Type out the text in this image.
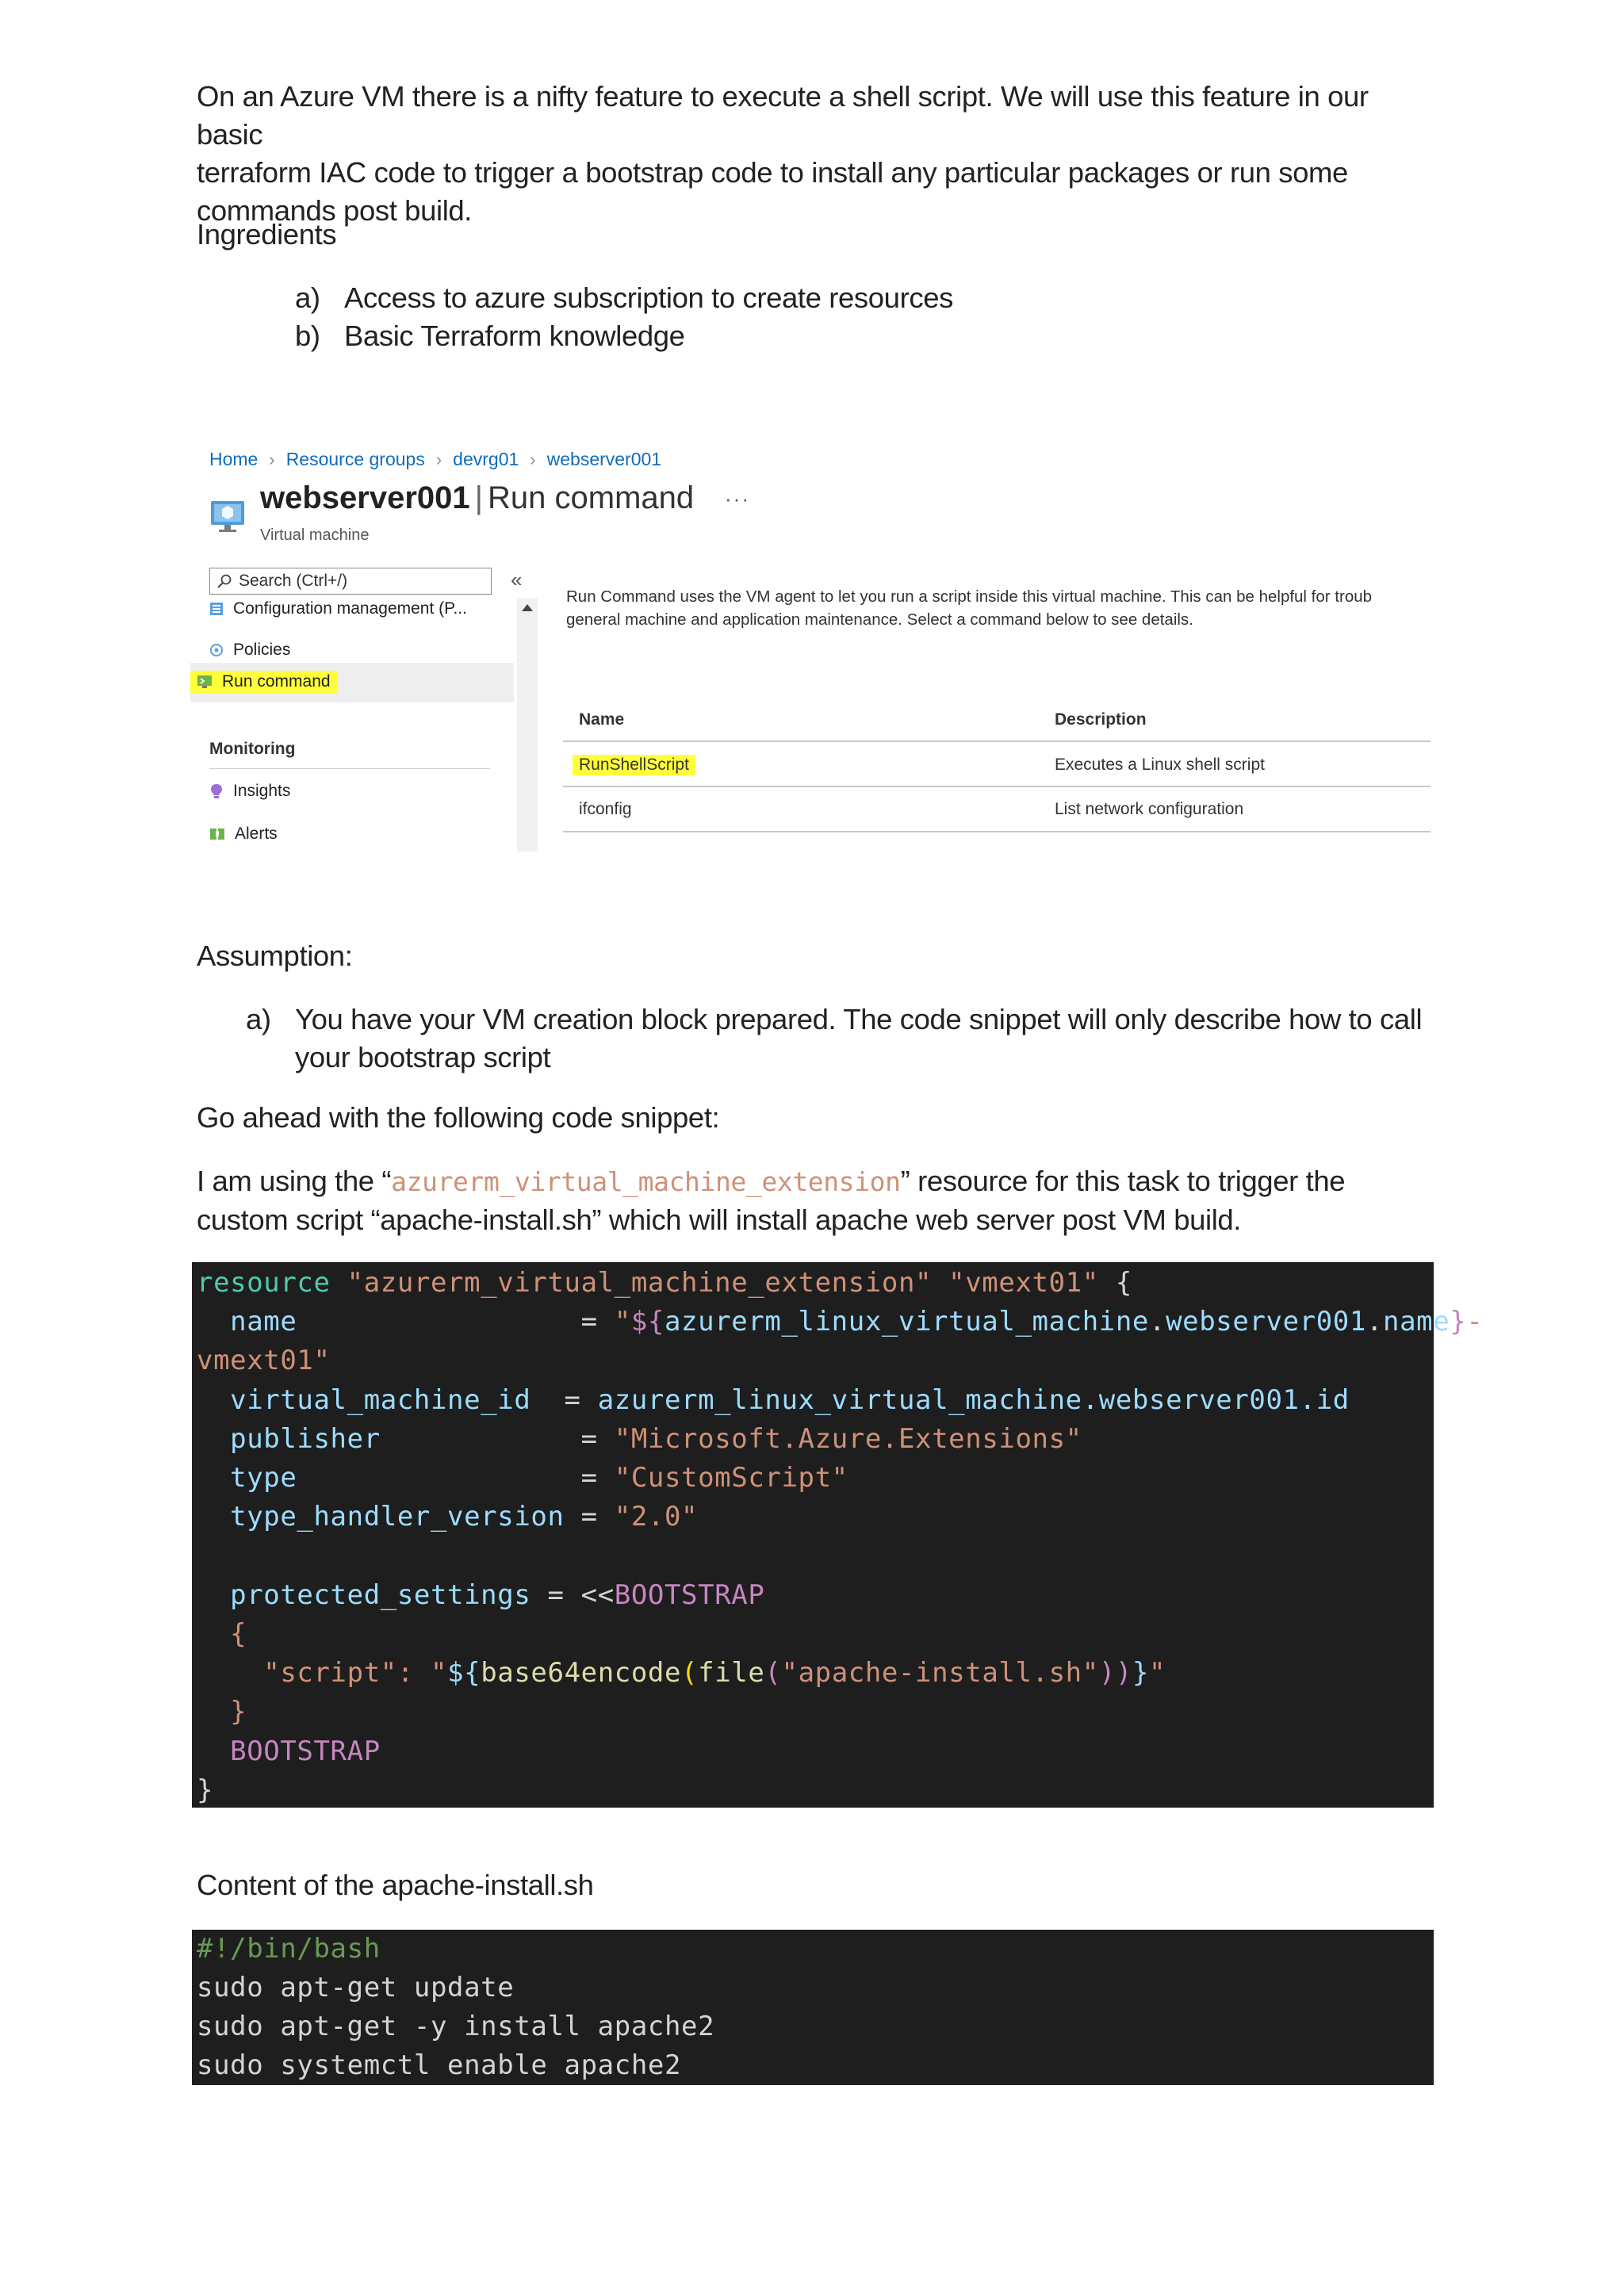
On an Azure VM there is a nifty feature to execute a shell script. We will use this feature in our basic

terraform IAC code to trigger a bootstrap code to install any particular packages or run some

commands post build.

Ingredients

a) Access to azure subscription to create resources
b) Basic Terraform knowledge
Home › Resource groups › devrg01 › webserver001
webserver001 | Run command ···
Virtual machine
Search (Ctrl+/)	«
Configuration management (P...
Policies
Run command
Monitoring
Insights
Alerts
Run Command uses the VM agent to let you run a script inside this virtual machine. This can be helpful for troub
general machine and application maintenance. Select a command below to see details.
Name	Description
RunShellScript	Executes a Linux shell script
ifconfig	List network configuration

Assumption:

a) You have your VM creation block prepared. The code snippet will only describe how to call

your bootstrap script

Go ahead with the following code snippet:

I am using the “azurerm_virtual_machine_extension” resource for this task to trigger the

custom script “apache-install.sh” which will install apache web server post VM build.

resource "azurerm_virtual_machine_extension" "vmext01" {
name	= "${azurerm_linux_virtual_machine.webserver001.name}-
vmext01"
virtual_machine_id = azurerm_linux_virtual_machine.webserver001.id
publisher	= "Microsoft.Azure.Extensions"
type	= "CustomScript"
type_handler_version = "2.0"
protected_settings = <<BOOTSTRAP
{
"script": "${base64encode(file("apache-install.sh"))}"
}
BOOTSTRAP
}

Content of the apache-install.sh

#!/bin/bash
sudo apt-get update
sudo apt-get -y install apache2
sudo systemctl enable apache2
